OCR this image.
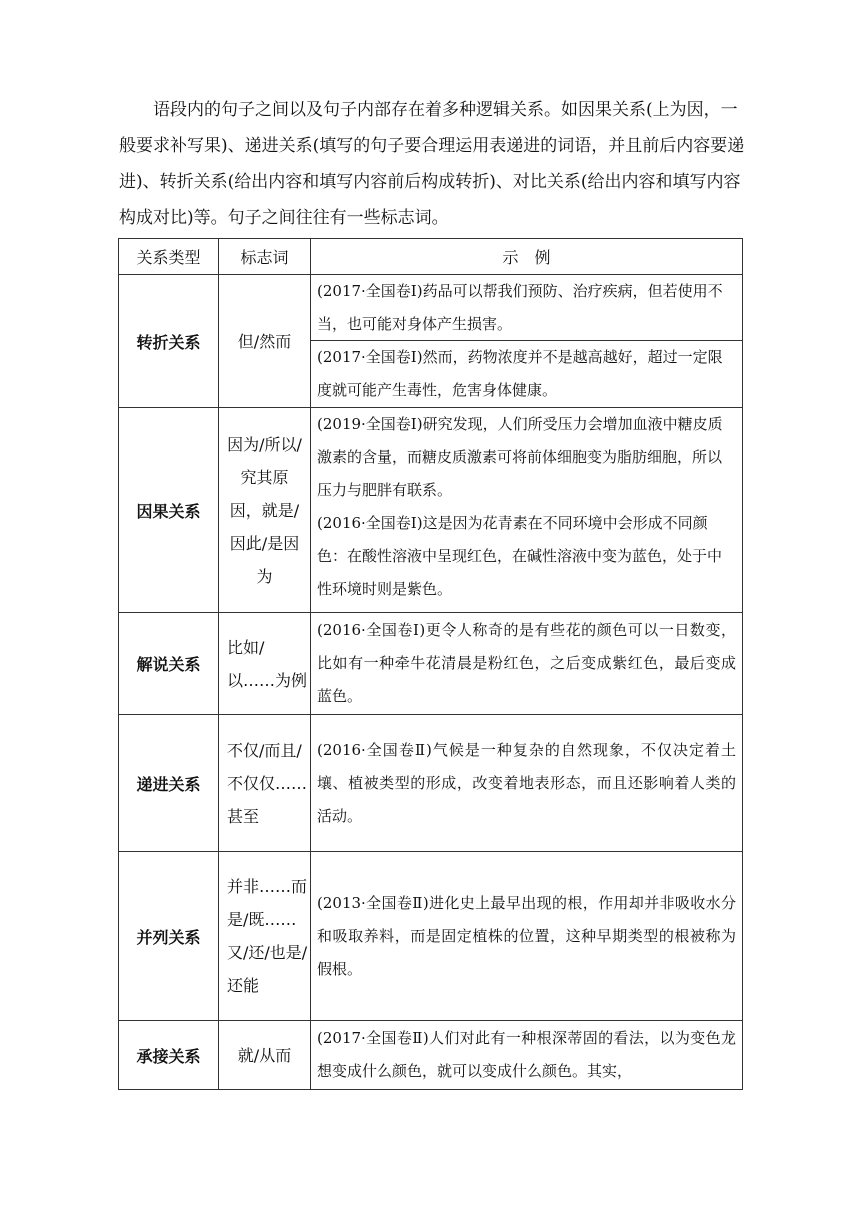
语段内的句子之间以及句子内部存在着多种逻辑关系。如因果关系(上为因，一般要求补写果)、递进关系(填写的句子要合理运用表递进的词语，并且前后内容要递进)、转折关系(给出内容和填写内容前后构成转折)、对比关系(给出内容和填写内容构成对比)等。句子之间往往有一些标志词。

关系类型	标志词	示　例
转折关系	但/然而	(2017·全国卷Ⅰ)药品可以帮我们预防、治疗疾病，但若使用不当，也可能对身体产生损害。
(2017·全国卷Ⅰ)然而，药物浓度并不是越高越好，超过一定限度就可能产生毒性，危害身体健康。

因果关系	因为/所以/究其原因，就是/因此/是因为	(2019·全国卷Ⅰ)研究发现，人们所受压力会增加血液中糖皮质激素的含量，而糖皮质激素可将前体细胞变为脂肪细胞，所以压力与肥胖有联系。
(2016·全国卷Ⅰ)这是因为花青素在不同环境中会形成不同颜色：在酸性溶液中呈现红色，在碱性溶液中变为蓝色，处于中性环境时则是紫色。

解说关系	比如/以……为例	(2016·全国卷Ⅰ)更令人称奇的是有些花的颜色可以一日数变，比如有一种牵牛花清晨是粉红色，之后变成紫红色，最后变成蓝色。
递进关系	不仅/而且/不仅仅……甚至	(2016·全国卷Ⅱ)气候是一种复杂的自然现象，不仅决定着土壤、植被类型的形成，改变着地表形态，而且还影响着人类的活动。
并列关系	并非……而是/既……又/还/也是/还能	(2013·全国卷Ⅱ)进化史上最早出现的根，作用却并非吸收水分和吸取养料，而是固定植株的位置，这种早期类型的根被称为假根。
承接关系	就/从而	(2017·全国卷Ⅱ)人们对此有一种根深蒂固的看法，以为变色龙想变成什么颜色，就可以变成什么颜色。其实，
